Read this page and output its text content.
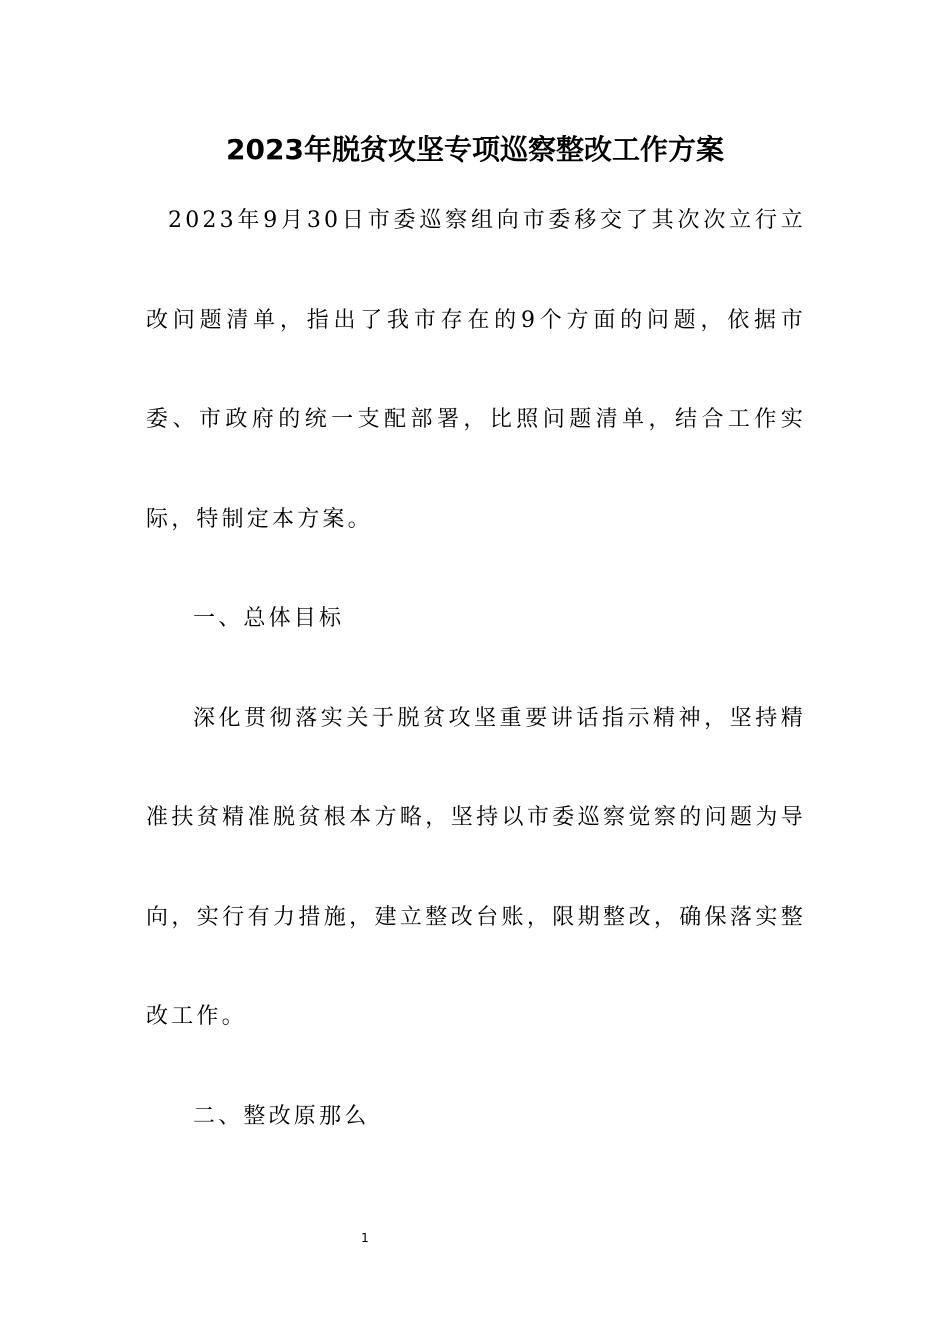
2023年脱贫攻坚专项巡察整改工作方案

2023年9月30日市委巡察组向市委移交了其次次立行立改问题清单，指出了我市存在的9个方面的问题，依据市委、市政府的统一支配部署，比照问题清单，结合工作实际，特制定本方案。

一、总体目标

深化贯彻落实关于脱贫攻坚重要讲话指示精神，坚持精准扶贫精准脱贫根本方略，坚持以市委巡察觉察的问题为导向，实行有力措施，建立整改台账，限期整改，确保落实整改工作。

二、整改原那么

1
